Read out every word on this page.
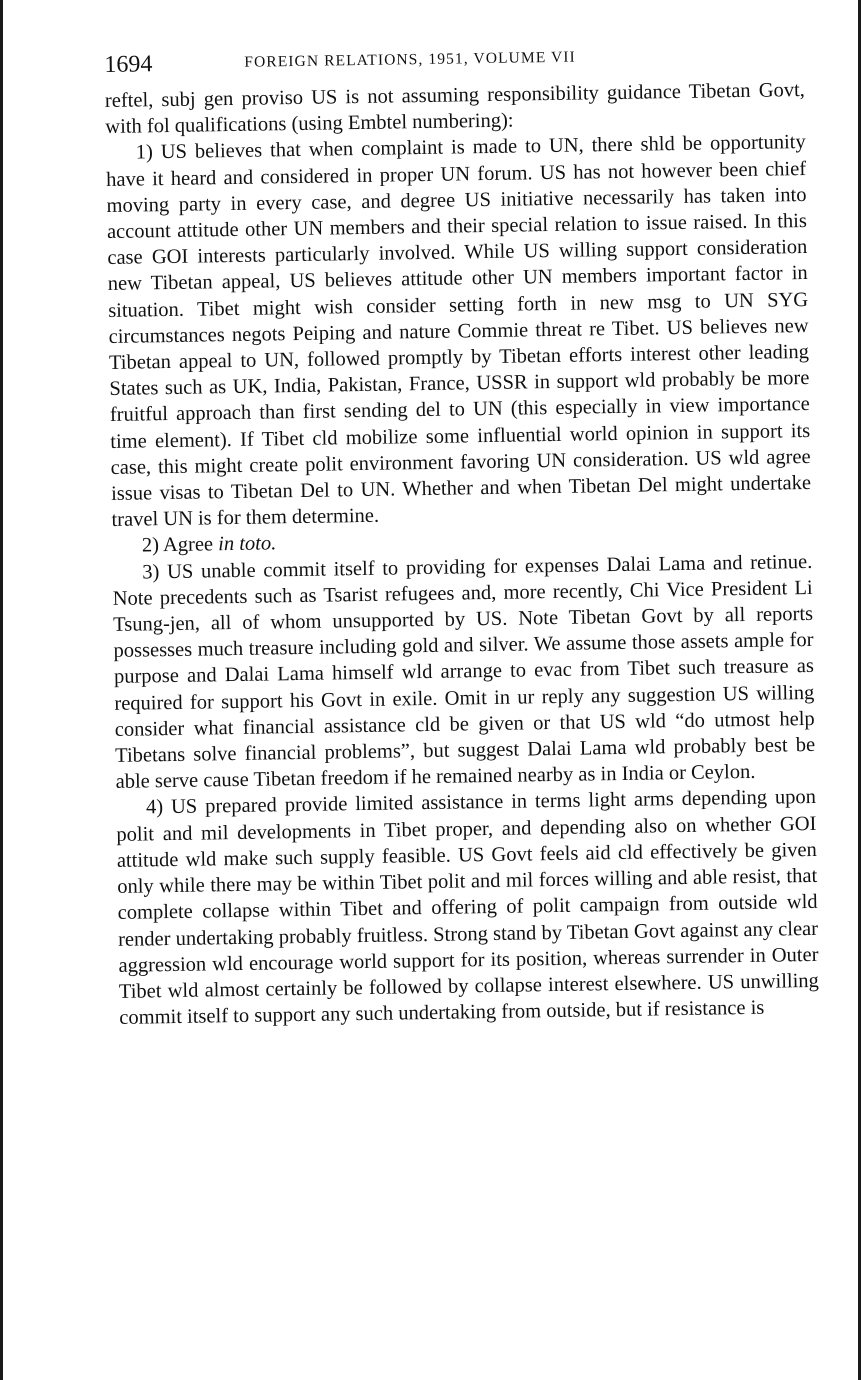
1694	FOREIGN RELATIONS, 1951, VOLUME VII

reftel, subj gen proviso US is not assuming responsibility guidance Tibetan Govt, with fol qualifications (using Embtel numbering):

1) US believes that when complaint is made to UN, there shld be opportunity have it heard and considered in proper UN forum. US has not however been chief moving party in every case, and degree US initiative necessarily has taken into account attitude other UN members and their special relation to issue raised. In this case GOI interests particularly involved. While US willing support consideration new Tibetan appeal, US believes attitude other UN members important factor in situation. Tibet might wish consider setting forth in new msg to UN SYG circumstances negots Peiping and nature Commie threat re Tibet. US believes new Tibetan appeal to UN, followed promptly by Tibetan efforts interest other leading States such as UK, India, Pakistan, France, USSR in support wld probably be more fruitful approach than first sending del to UN (this especially in view importance time element). If Tibet cld mobilize some influential world opinion in support its case, this might create polit environment favoring UN consideration. US wld agree issue visas to Tibetan Del to UN. Whether and when Tibetan Del might undertake travel UN is for them determine.

2) Agree in toto.

3) US unable commit itself to providing for expenses Dalai Lama and retinue. Note precedents such as Tsarist refugees and, more recently, Chi Vice President Li Tsung-jen, all of whom unsupported by US. Note Tibetan Govt by all reports possesses much treasure including gold and silver. We assume those assets ample for purpose and Dalai Lama himself wld arrange to evac from Tibet such treasure as required for support his Govt in exile. Omit in ur reply any suggestion US willing consider what financial assistance cld be given or that US wld “do utmost help Tibetans solve financial problems”, but suggest Dalai Lama wld probably best be able serve cause Tibetan freedom if he remained nearby as in India or Ceylon.

4) US prepared provide limited assistance in terms light arms depending upon polit and mil developments in Tibet proper, and depending also on whether GOI attitude wld make such supply feasible. US Govt feels aid cld effectively be given only while there may be within Tibet polit and mil forces willing and able resist, that complete collapse within Tibet and offering of polit campaign from outside wld render undertaking probably fruitless. Strong stand by Tibetan Govt against any clear aggression wld encourage world support for its position, whereas surrender in Outer Tibet wld almost certainly be followed by collapse interest elsewhere. US unwilling commit itself to support any such undertaking from outside, but if resistance is
